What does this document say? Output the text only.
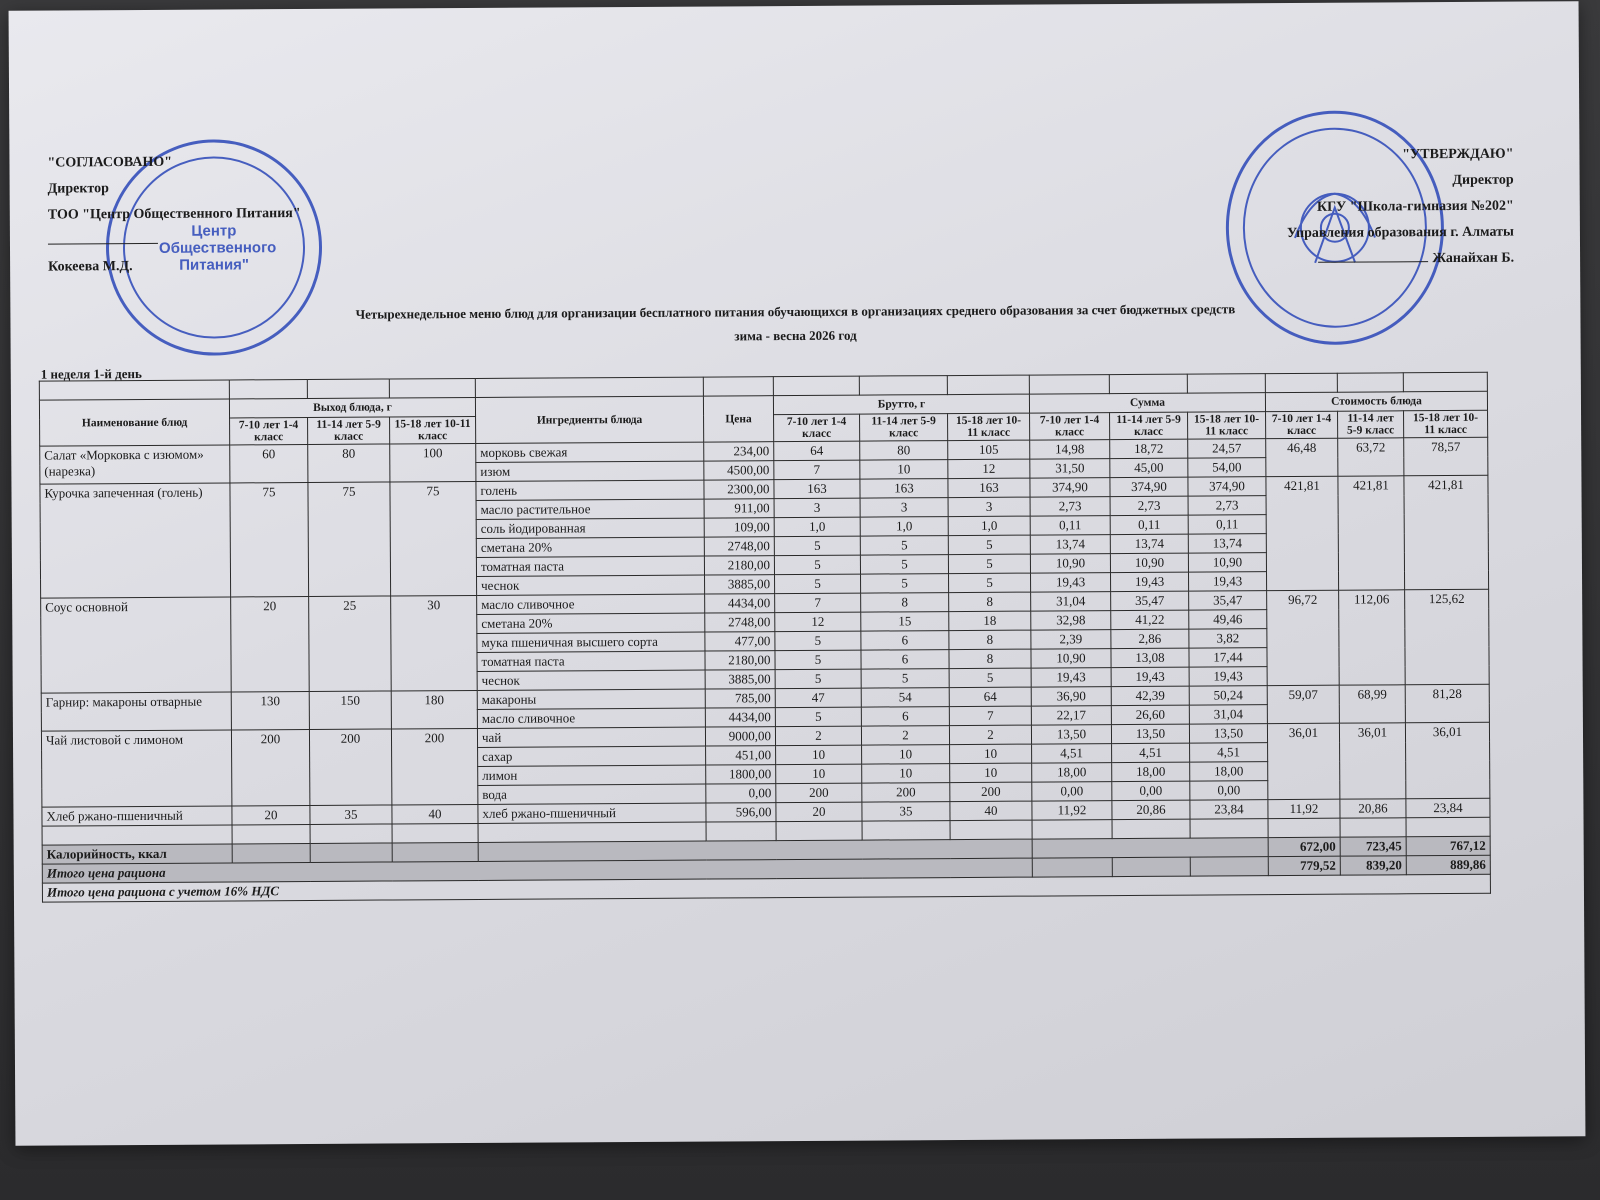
Центр Общественного Питания"
"СОГЛАСОВАНО"
Директор
ТОО "Центр Общественного Питания"
Кокеева М.Д.
"УТВЕРЖДАЮ"
Директор
КГУ "Школа-гимназия №202"
Управления образования г. Алматы
Жанайхан Б.
Четырехнедельное меню блюд для организации бесплатного питания обучающихся в организациях среднего образования за счет бюджетных средств
зима - весна 2026 год
1 неделя 1-й день

Наименование блюд	Выход блюда, г			Ингредиенты блюда	Цена	Брутто, г			Сумма			Стоимость блюда		
	7-10 лет 1-4 класс	11-14 лет 5-9 класс	15-18 лет 10-11 класс			7-10 лет 1-4 класс	11-14 лет 5-9 класс	15-18 лет 10-11 класс	7-10 лет 1-4 класс	11-14 лет 5-9 класс	15-18 лет 10-11 класс	7-10 лет 1-4 класс	11-14 лет 5-9 класс	15-18 лет 10-11 класс
Салат «Морковка с изюмом» (нарезка)	60	80	100	морковь свежая	234,00	64	80	105	14,98	18,72	24,57	46,48	63,72	78,57
				изюм	4500,00	7	10	12	31,50	45,00	54,00			
Курочка запеченная (голень)	75	75	75	голень	2300,00	163	163	163	374,90	374,90	374,90	421,81	421,81	421,81
				масло растительное	911,00	3	3	3	2,73	2,73	2,73			
				соль йодированная	109,00	1,0	1,0	1,0	0,11	0,11	0,11			
				сметана 20%	2748,00	5	5	5	13,74	13,74	13,74			
				томатная паста	2180,00	5	5	5	10,90	10,90	10,90			
				чеснок	3885,00	5	5	5	19,43	19,43	19,43			
Соус основной	20	25	30	масло сливочное	4434,00	7	8	8	31,04	35,47	35,47	96,72	112,06	125,62
				сметана 20%	2748,00	12	15	18	32,98	41,22	49,46			
				мука пшеничная высшего сорта	477,00	5	6	8	2,39	2,86	3,82			
				томатная паста	2180,00	5	6	8	10,90	13,08	17,44			
				чеснок	3885,00	5	5	5	19,43	19,43	19,43			
Гарнир: макароны отварные	130	150	180	макароны	785,00	47	54	64	36,90	42,39	50,24	59,07	68,99	81,28
				масло сливочное	4434,00	5	6	7	22,17	26,60	31,04			
Чай листовой с лимоном	200	200	200	чай	9000,00	2	2	2	13,50	13,50	13,50	36,01	36,01	36,01
				сахар	451,00	10	10	10	4,51	4,51	4,51			
				лимон	1800,00	10	10	10	18,00	18,00	18,00			
				вода	0,00	200	200	200	0,00	0,00	0,00			
Хлеб ржано-пшеничный	20	35	40	хлеб ржано-пшеничный	596,00	20	35	40	11,92	20,86	23,84	11,92	20,86	23,84

Калорийность, ккал												672,00	723,45	767,12
Итого цена рациона												779,52	839,20	889,86
Итого цена рациона с учетом 16% НДС														
